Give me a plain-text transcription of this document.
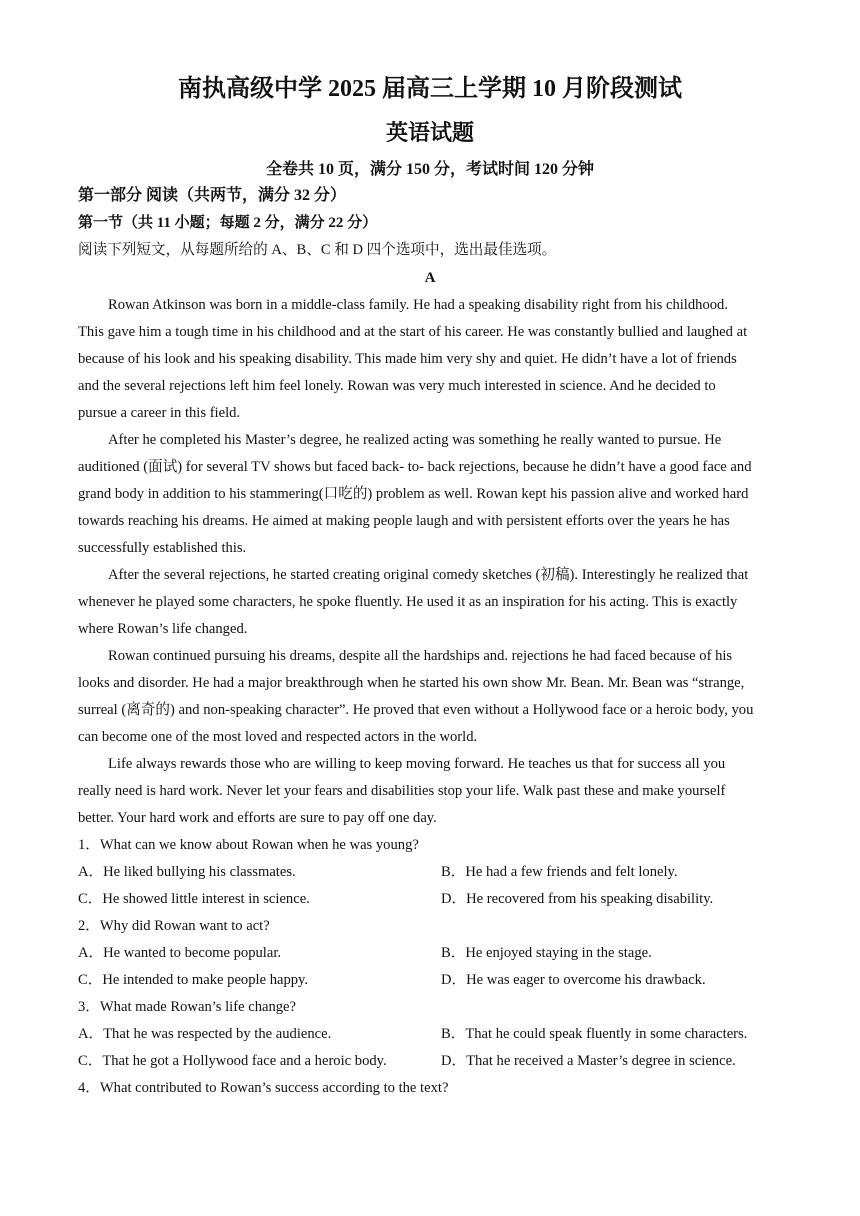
南执高级中学 2025 届高三上学期 10 月阶段测试
英语试题
全卷共 10 页，满分 150 分，考试时间 120 分钟
第一部分 阅读（共两节，满分 32 分）
第一节（共 11 小题；每题 2 分，满分 22 分）
阅读下列短文，从每题所给的 A、B、C 和 D 四个选项中，选出最佳选项。
A
Rowan Atkinson was born in a middle-class family. He had a speaking disability right from his childhood.
This gave him a tough time in his childhood and at the start of his career. He was constantly bullied and laughed at
because of his look and his speaking disability. This made him very shy and quiet. He didn’t have a lot of friends
and the several rejections left him feel lonely. Rowan was very much interested in science. And he decided to
pursue a career in this field.
After he completed his Master’s degree, he realized acting was something he really wanted to pursue. He
auditioned (面试) for several TV shows but faced back- to- back rejections, because he didn’t have a good face and
grand body in addition to his stammering(口吃的) problem as well. Rowan kept his passion alive and worked hard
towards reaching his dreams. He aimed at making people laugh and with persistent efforts over the years he has
successfully established this.
After the several rejections, he started creating original comedy sketches (初稿). Interestingly he realized that
whenever he played some characters, he spoke fluently. He used it as an inspiration for his acting. This is exactly
where Rowan’s life changed.
Rowan continued pursuing his dreams, despite all the hardships and. rejections he had faced because of his
looks and disorder. He had a major breakthrough when he started his own show Mr. Bean. Mr. Bean was “strange,
surreal (离奇的) and non-speaking character”. He proved that even without a Hollywood face or a heroic body, you
can become one of the most loved and respected actors in the world.
Life always rewards those who are willing to keep moving forward. He teaches us that for success all you
really need is hard work. Never let your fears and disabilities stop your life. Walk past these and make yourself
better. Your hard work and efforts are sure to pay off one day.
1．What can we know about Rowan when he was young?
A．He liked bullying his classmates.	B．He had a few friends and felt lonely.
C．He showed little interest in science.	D．He recovered from his speaking disability.
2．Why did Rowan want to act?
A．He wanted to become popular.	B．He enjoyed staying in the stage.
C．He intended to make people happy.	D．He was eager to overcome his drawback.
3．What made Rowan’s life change?
A．That he was respected by the audience.	B．That he could speak fluently in some characters.
C．That he got a Hollywood face and a heroic body.	D．That he received a Master’s degree in science.
4．What contributed to Rowan’s success according to the text?
